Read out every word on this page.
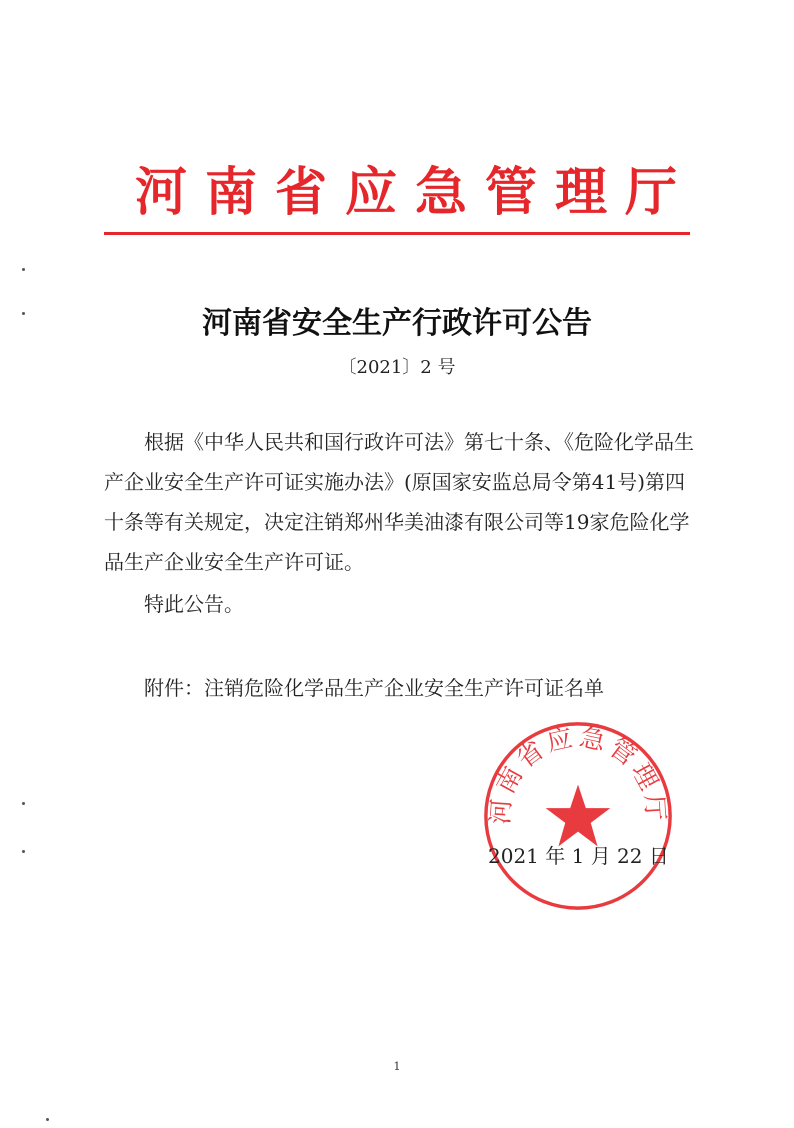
河南省应急管理厅
河南省安全生产行政许可公告
〔2021〕2 号

根据《中华人民共和国行政许可法》第七十条、《危险化学品生产企业安全生产许可证实施办法》(原国家安监总局令第41号)第四十条等有关规定，决定注销郑州华美油漆有限公司等19家危险化学品生产企业安全生产许可证。

特此公告。
附件：注销危险化学品生产企业安全生产许可证名单
河南省应急管理厅
2021 年 1 月 22 日
1
